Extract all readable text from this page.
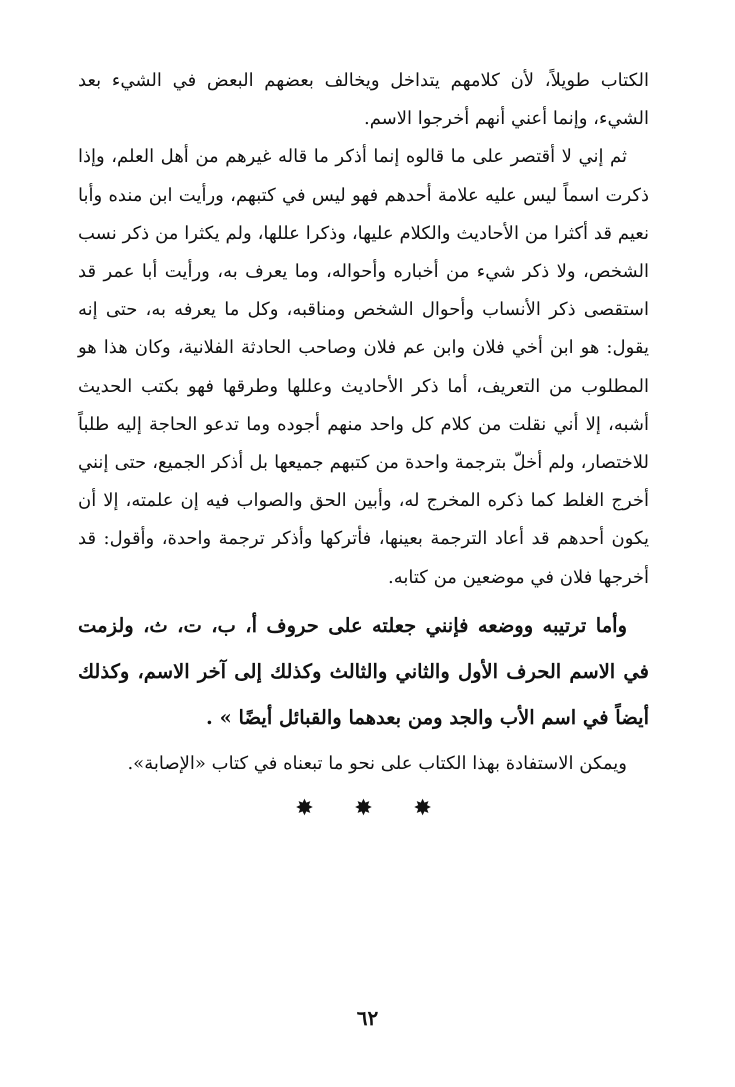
الكتاب طويلاً، لأن كلامهم يتداخل ويخالف بعضهم البعض في الشيء بعد الشيء، وإنما أعني أنهم أخرجوا الاسم.

ثم إني لا أقتصر على ما قالوه إنما أذكر ما قاله غيرهم من أهل العلم، وإذا ذكرت اسماً ليس عليه علامة أحدهم فهو ليس في كتبهم، ورأيت ابن منده وأبا نعيم قد أكثرا من الأحاديث والكلام عليها، وذكرا عللها، ولم يكثرا من ذكر نسب الشخص، ولا ذكر شيء من أخباره وأحواله، وما يعرف به، ورأيت أبا عمر قد استقصى ذكر الأنساب وأحوال الشخص ومناقبه، وكل ما يعرفه به، حتى إنه يقول: هو ابن أخي فلان وابن عم فلان وصاحب الحادثة الفلانية، وكان هذا هو المطلوب من التعريف، أما ذكر الأحاديث وعللها وطرقها فهو بكتب الحديث أشبه، إلا أني نقلت من كلام كل واحد منهم أجوده وما تدعو الحاجة إليه طلباً للاختصار، ولم أخلّ بترجمة واحدة من كتبهم جميعها بل أذكر الجميع، حتى إنني أخرج الغلط كما ذكره المخرج له، وأبين الحق والصواب فيه إن علمته، إلا أن يكون أحدهم قد أعاد الترجمة بعينها، فأتركها وأذكر ترجمة واحدة، وأقول: قد أخرجها فلان في موضعين من كتابه.

وأما ترتيبه ووضعه فإنني جعلته على حروف أ، ب، ت، ث، ولزمت في الاسم الحرف الأول والثاني والثالث وكذلك إلى آخر الاسم، وكذلك أيضاً في اسم الأب والجد ومن بعدهما والقبائل أيضًا » .

ويمكن الاستفادة بهذا الكتاب على نحو ما تبعناه في كتاب «الإصابة».

✸ ✸ ✸
٦٢
